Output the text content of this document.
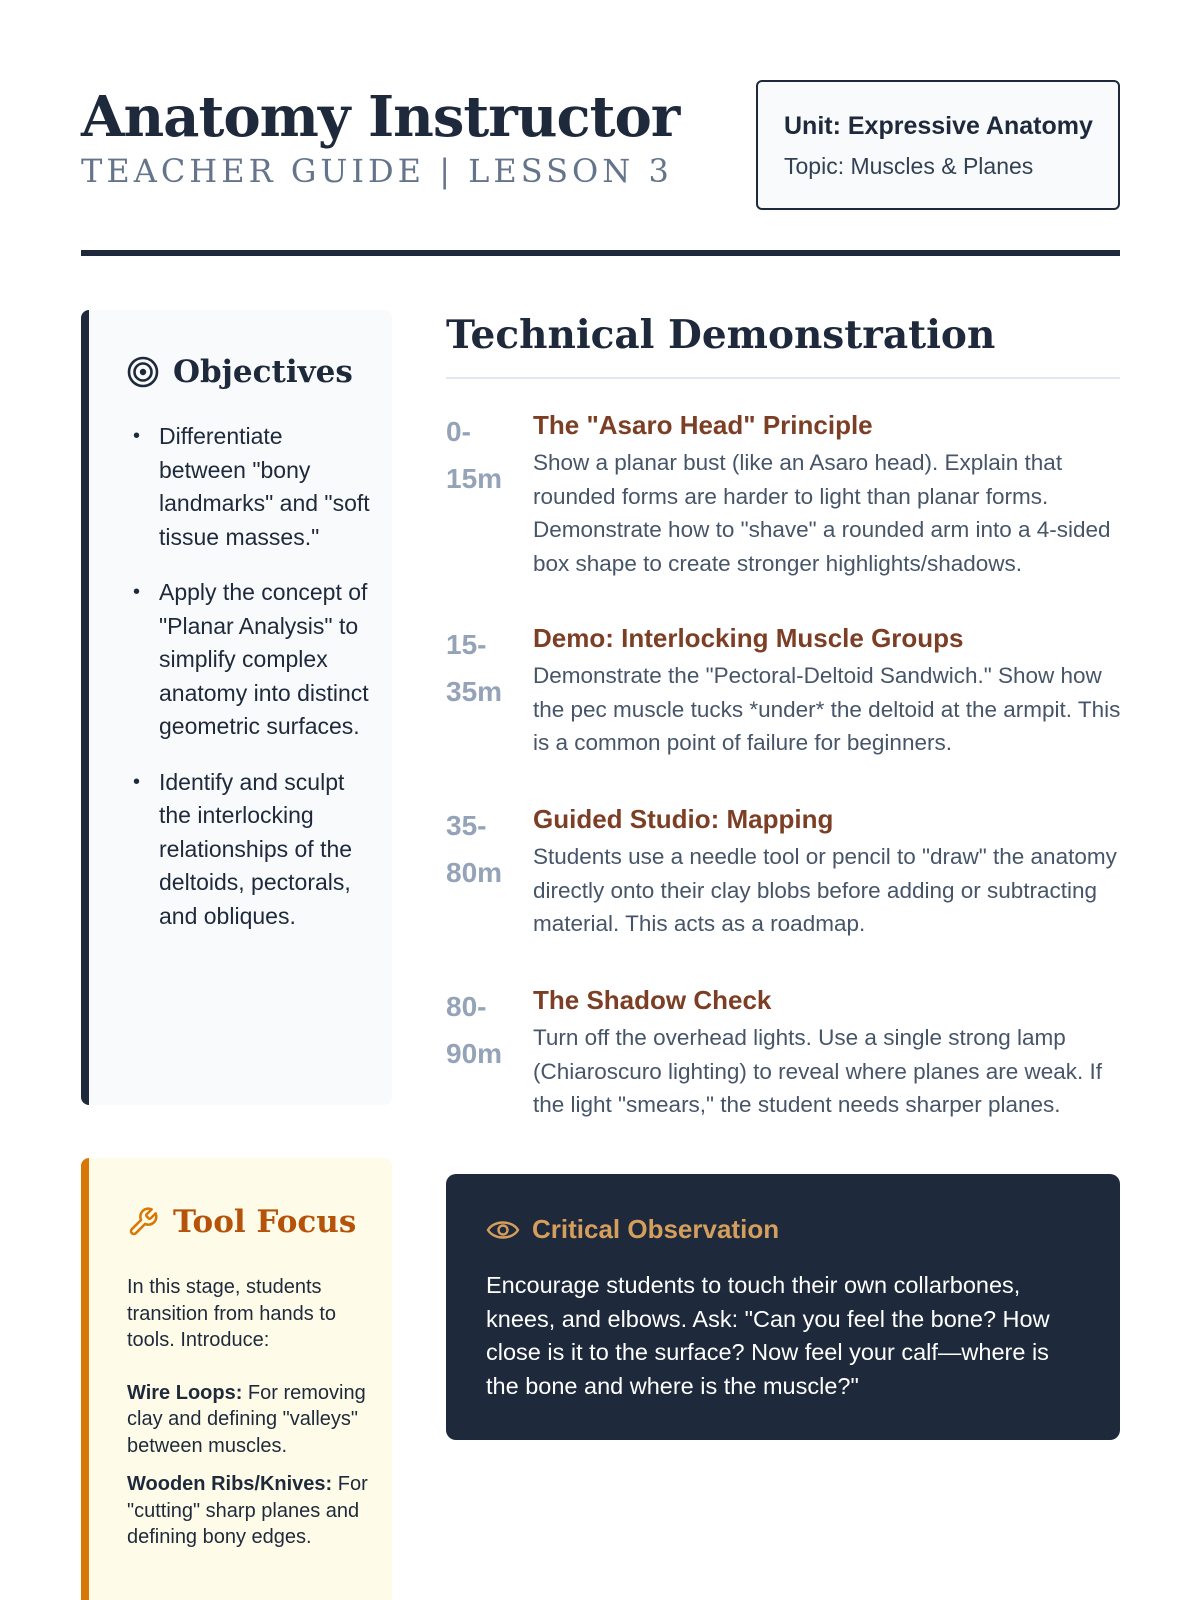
Anatomy Instructor
TEACHER GUIDE | LESSON 3
Unit: Expressive Anatomy
Topic: Muscles & Planes
Objectives
• Differentiate between "bony landmarks" and "soft tissue masses."
• Apply the concept of "Planar Analysis" to simplify complex anatomy into distinct geometric surfaces.
• Identify and sculpt the interlocking relationships of the deltoids, pectorals, and obliques.
Tool Focus
In this stage, students transition from hands to tools. Introduce:
Wire Loops: For removing clay and defining "valleys" between muscles.
Wooden Ribs/Knives: For "cutting" sharp planes and defining bony edges.
Technical Demonstration
0-15m
The "Asaro Head" Principle
Show a planar bust (like an Asaro head). Explain that rounded forms are harder to light than planar forms. Demonstrate how to "shave" a rounded arm into a 4-sided box shape to create stronger highlights/shadows.
15-35m
Demo: Interlocking Muscle Groups
Demonstrate the "Pectoral-Deltoid Sandwich." Show how the pec muscle tucks *under* the deltoid at the armpit. This is a common point of failure for beginners.
35-80m
Guided Studio: Mapping
Students use a needle tool or pencil to "draw" the anatomy directly onto their clay blobs before adding or subtracting material. This acts as a roadmap.
80-90m
The Shadow Check
Turn off the overhead lights. Use a single strong lamp (Chiaroscuro lighting) to reveal where planes are weak. If the light "smears," the student needs sharper planes.
Critical Observation
Encourage students to touch their own collarbones, knees, and elbows. Ask: "Can you feel the bone? How close is it to the surface? Now feel your calf—where is the bone and where is the muscle?"
